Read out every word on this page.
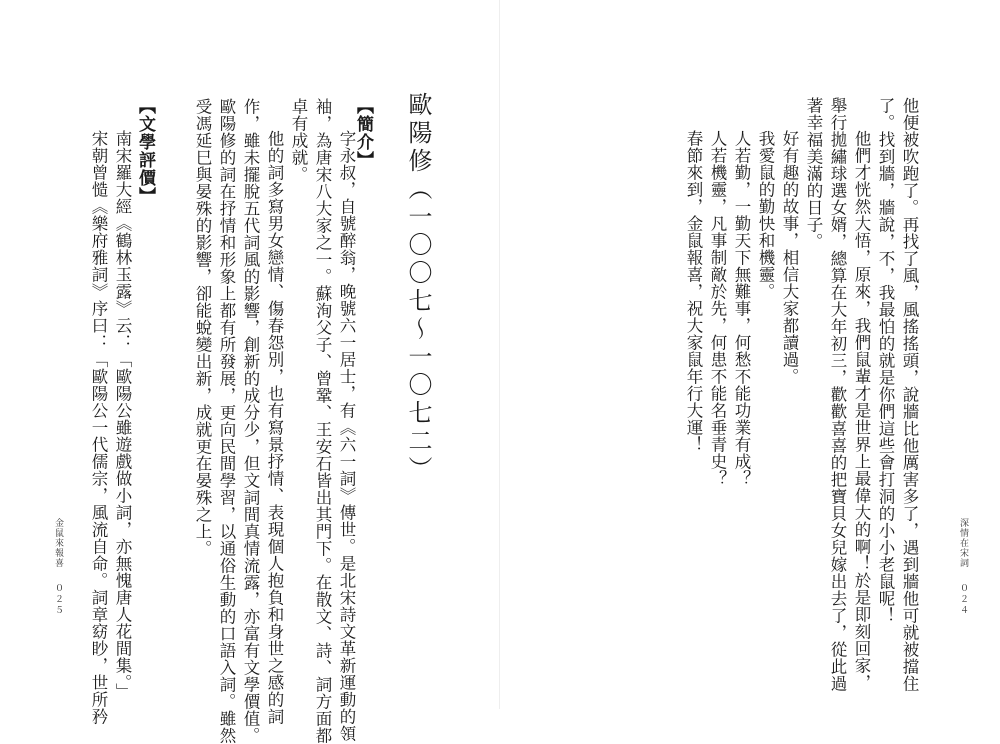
歐陽修（一〇〇七～一〇七二）
【簡介】
字永叔，自號醉翁，晚號六一居士，有《六一詞》傳世。是北宋詩文革新運動的領
袖，為唐宋八大家之一。蘇洵父子、曾鞏、王安石皆出其門下。在散文、詩、詞方面都
卓有成就。
他的詞多寫男女戀情、傷春怨別，也有寫景抒情、表現個人抱負和身世之感的詞
作，雖未擺脫五代詞風的影響，創新的成分少，但文詞間真情流露，亦富有文學價值。
歐陽修的詞在抒情和形象上都有所發展，更向民間學習，以通俗生動的口語入詞。雖然
受馮延巳與晏殊的影響，卻能蛻變出新，成就更在晏殊之上。
【文學評價】
南宋羅大經《鶴林玉露》云：「歐陽公雖遊戲做小詞，亦無愧唐人花間集。」
宋朝曾慥《樂府雅詞》序曰：「歐陽公一代儒宗，風流自命。詞章窈眇，世所矜
金鼠來報喜
０２５	他便被吹跑了。再找了風，風搖搖頭，說牆比他厲害多了，遇到牆他可就被擋住
了。找到牆，牆說，不，我最怕的就是你們這些會打洞的小小老鼠呢！
他們才恍然大悟，原來，我們鼠輩才是世界上最偉大的啊！於是即刻回家，
舉行拋繡球選女婿，總算在大年初三，歡歡喜喜的把寶貝女兒嫁出去了，從此過
著幸福美滿的日子。
好有趣的故事，相信大家都讀過。
我愛鼠的勤快和機靈。
人若勤，一勤天下無難事，何愁不能功業有成？
人若機靈，凡事制敵於先，何患不能名垂青史？
春節來到，金鼠報喜，祝大家鼠年行大運！
深情在宋詞
０２４
